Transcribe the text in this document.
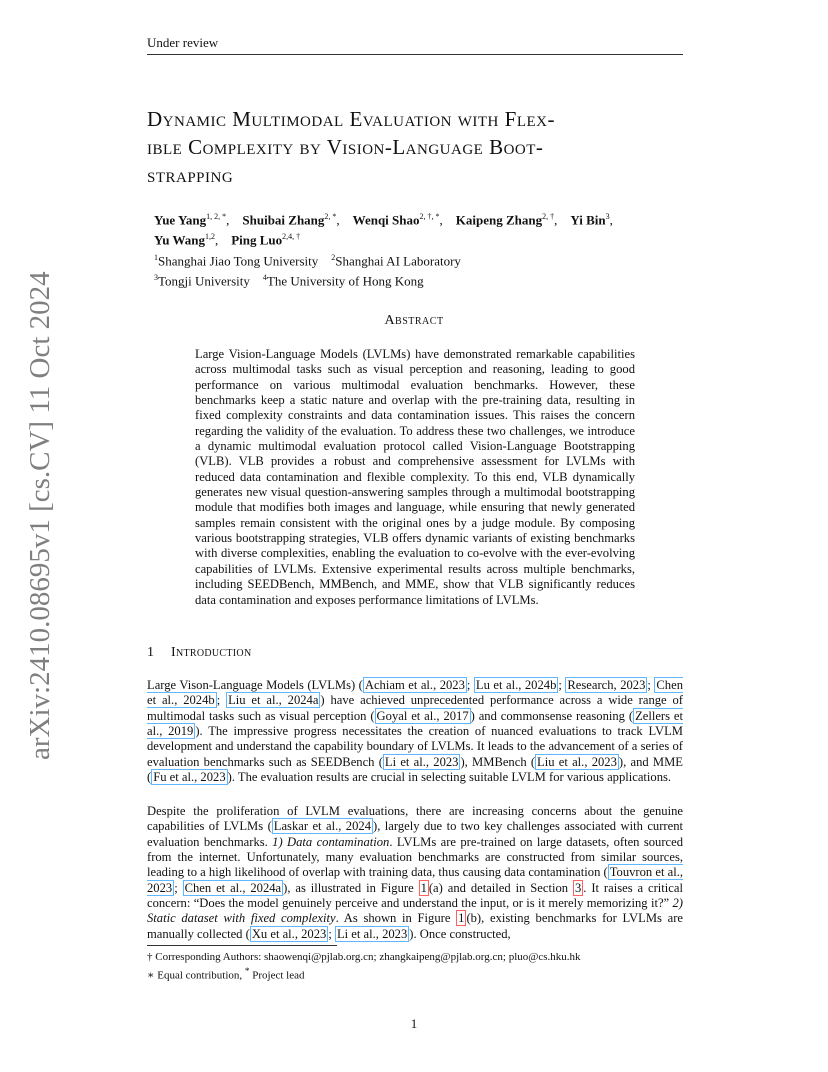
Under review
arXiv:2410.08695v1 [cs.CV] 11 Oct 2024
Dynamic Multimodal Evaluation with Flex-
ible Complexity by Vision-Language Boot-
strapping
Yue Yang$^{1, 2, *}$,    Shuibai Zhang$^{2, *}$,    Wenqi Shao$^{2, \dagger, *}$,    Kaipeng Zhang$^{2, \dagger}$,    Yi Bin$^3$,
Yu Wang$^{1,2}$,    Ping Luo$^{2,4, \dagger}$
$^1$Shanghai Jiao Tong University $^2$Shanghai AI Laboratory
$^3$Tongji University $^4$The University of Hong Kong
Abstract
Large Vision-Language Models (LVLMs) have demonstrated remarkable capabilities across multimodal tasks such as visual perception and reasoning, leading to good performance on various multimodal evaluation benchmarks. However, these benchmarks keep a static nature and overlap with the pre-training data, resulting in fixed complexity constraints and data contamination issues. This raises the concern regarding the validity of the evaluation. To address these two challenges, we introduce a dynamic multimodal evaluation protocol called Vision-Language Bootstrapping (VLB). VLB provides a robust and comprehensive assessment for LVLMs with reduced data contamination and flexible complexity. To this end, VLB dynamically generates new visual question-answering samples through a multimodal bootstrapping module that modifies both images and language, while ensuring that newly generated samples remain consistent with the original ones by a judge module. By composing various bootstrapping strategies, VLB offers dynamic variants of existing benchmarks with diverse complexities, enabling the evaluation to co-evolve with the ever-evolving capabilities of LVLMs. Extensive experimental results across multiple benchmarks, including SEEDBench, MMBench, and MME, show that VLB significantly reduces data contamination and exposes performance limitations of LVLMs.
1 Introduction
Large Vison-Language Models (LVLMs) ( Achiam et al., 2023 ; Lu et al., 2024b ; Research, 2023 ; Chen et al., 2024b ; Liu et al., 2024a ) have achieved unprecedented performance across a wide range of multimodal tasks such as visual perception ( Goyal et al., 2017 ) and commonsense reasoning ( Zellers et al., 2019 ). The impressive progress necessitates the creation of nuanced evaluations to track LVLM development and understand the capability boundary of LVLMs. It leads to the advancement of a series of evaluation benchmarks such as SEEDBench ( Li et al., 2023 ), MMBench ( Liu et al., 2023 ), and MME ( Fu et al., 2023 ). The evaluation results are crucial in selecting suitable LVLM for various applications.
Despite the proliferation of LVLM evaluations, there are increasing concerns about the genuine capabilities of LVLMs ( Laskar et al., 2024 ), largely due to two key challenges associated with current evaluation benchmarks. 1) Data contamination. LVLMs are pre-trained on large datasets, often sourced from the internet. Unfortunately, many evaluation benchmarks are constructed from similar sources, leading to a high likelihood of overlap with training data, thus causing data contamination ( Touvron et al., 2023 ; Chen et al., 2024a ), as illustrated in Figure 1 (a) and detailed in Section 3 . It raises a critical concern: “Does the model genuinely perceive and understand the input, or is it merely memorizing it?” 2) Static dataset with fixed complexity. As shown in Figure 1 (b), existing benchmarks for LVLMs are manually collected ( Xu et al., 2023 ; Li et al., 2023 ). Once constructed,
† Corresponding Authors: shaowenqi@pjlab.org.cn; zhangkaipeng@pjlab.org.cn; pluo@cs.hku.hk
∗ Equal contribution, * Project lead
1
